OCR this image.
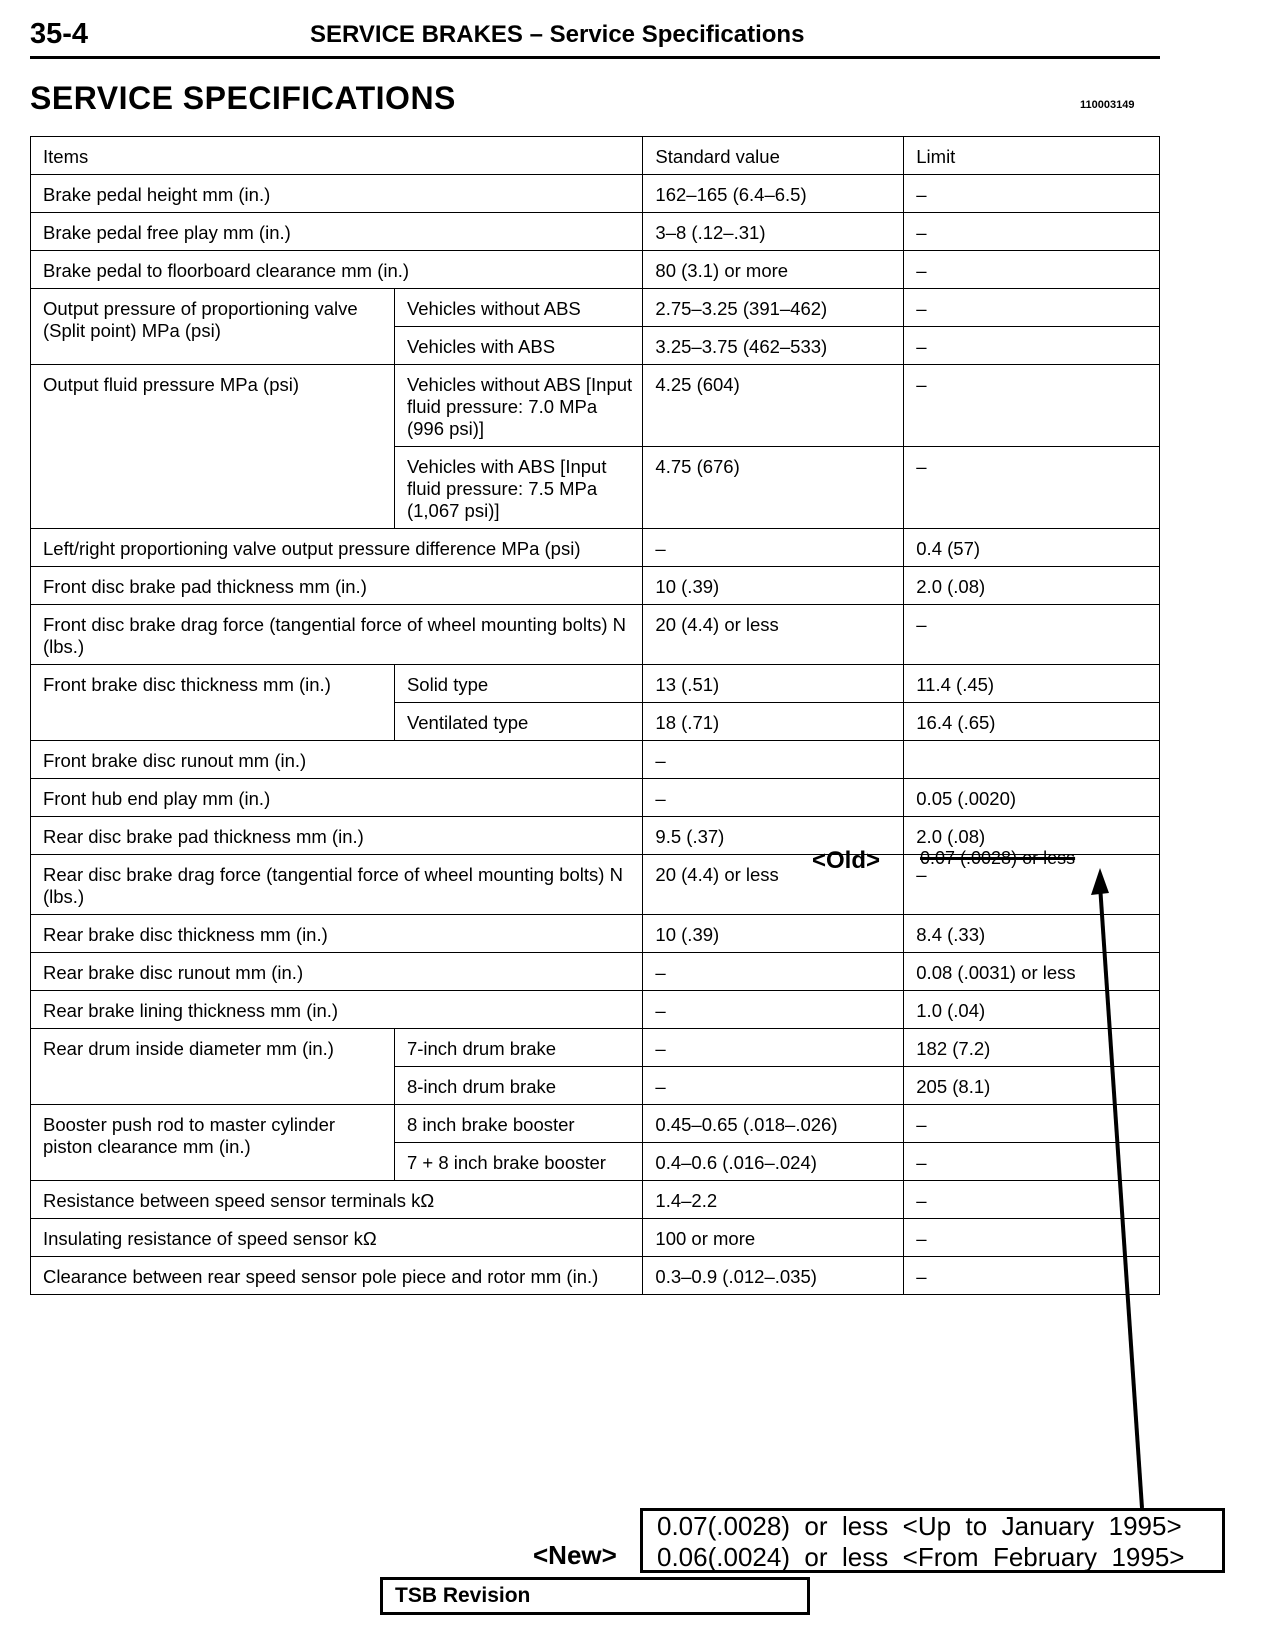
35-4	SERVICE BRAKES – Service Specifications
SERVICE SPECIFICATIONS	110003149
Items		Standard value	Limit
Brake pedal height mm (in.)		162–165 (6.4–6.5)	–
Brake pedal free play mm (in.)		3–8 (.12–.31)	–
Brake pedal to floorboard clearance mm (in.)		80 (3.1) or more	–
Output pressure of proportioning valve (Split point) MPa (psi)	Vehicles without ABS	2.75–3.25 (391–462)	–
	Vehicles with ABS	3.25–3.75 (462–533)	–
Output fluid pressure MPa (psi)	Vehicles without ABS [Input fluid pressure: 7.0 MPa (996 psi)]	4.25 (604)	–
	Vehicles with ABS [Input fluid pressure: 7.5 MPa (1,067 psi)]	4.75 (676)	–
Left/right proportioning valve output pressure difference MPa (psi)		–	0.4 (57)
Front disc brake pad thickness mm (in.)		10 (.39)	2.0 (.08)
Front disc brake drag force (tangential force of wheel mounting bolts) N (lbs.)		20 (4.4) or less	–
Front brake disc thickness mm (in.)	Solid type	13 (.51)	11.4 (.45)
	Ventilated type	18 (.71)	16.4 (.65)
Front brake disc runout mm (in.)		–	
Front hub end play mm (in.)		–	0.05 (.0020)
Rear disc brake pad thickness mm (in.)		9.5 (.37)	2.0 (.08)
Rear disc brake drag force (tangential force of wheel mounting bolts) N (lbs.)		20 (4.4) or less	–
Rear brake disc thickness mm (in.)		10 (.39)	8.4 (.33)
Rear brake disc runout mm (in.)		–	0.08 (.0031) or less
Rear brake lining thickness mm (in.)		–	1.0 (.04)
Rear drum inside diameter mm (in.)	7-inch drum brake	–	182 (7.2)
	8-inch drum brake	–	205 (8.1)
Booster push rod to master cylinder piston clearance mm (in.)	8 inch brake booster	0.45–0.65 (.018–.026)	–
	7 + 8 inch brake booster	0.4–0.6 (.016–.024)	–
Resistance between speed sensor terminals kΩ		1.4–2.2	–
Insulating resistance of speed sensor kΩ		100 or more	–
Clearance between rear speed sensor pole piece and rotor mm (in.)		0.3–0.9 (.012–.035)	–
<Old> 0.07 (.0028) or less
<New>
0.07(.0028)  or  less  <Up  to  January  1995>
0.06(.0024)  or  less  <From  February  1995>
TSB Revision
